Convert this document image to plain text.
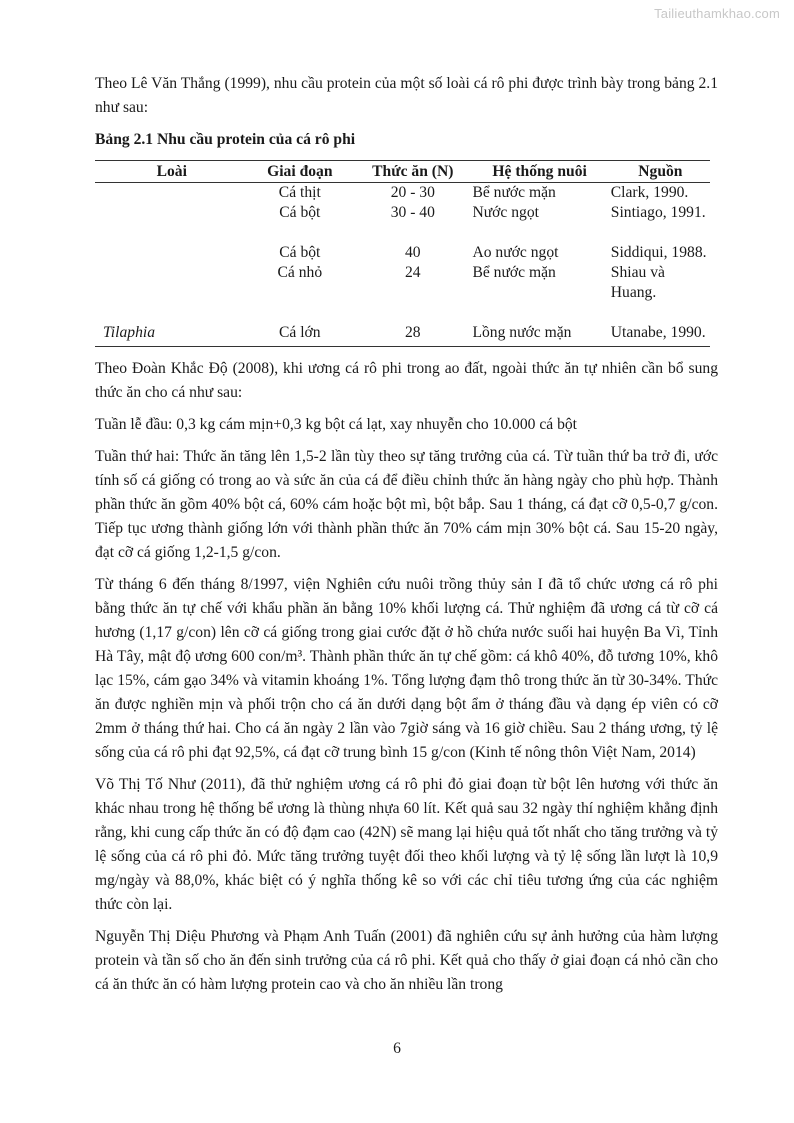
Tailieuthamkhao.com

Theo Lê Văn Thắng (1999), nhu cầu protein của một số loài cá rô phi được trình bày trong bảng 2.1 như sau:

Bảng 2.1 Nhu cầu protein của cá rô phi
Loài	Giai đoạn	Thức ăn (N)	Hệ thống nuôi	Nguồn
	Cá thịt	20 - 30	Bể nước mặn	Clark, 1990.
	Cá bột	30 - 40	Nước ngọt	Sintiago, 1991.

	Cá bột	40	Ao nước ngọt	Siddiqui, 1988.
	Cá nhỏ	24	Bể nước mặn	Shiau và Huang.

Tilaphia	Cá lớn	28	Lồng nước mặn	Utanabe, 1990.

Theo Đoàn Khắc Độ (2008), khi ương cá rô phi trong ao đất, ngoài thức ăn tự nhiên cần bổ sung thức ăn cho cá như sau:

Tuần lễ đầu: 0,3 kg cám mịn+0,3 kg bột cá lạt, xay nhuyễn cho 10.000 cá bột

Tuần thứ hai: Thức ăn tăng lên 1,5-2 lần tùy theo sự tăng trưởng của cá. Từ tuần thứ ba trở đi, ước tính số cá giống có trong ao và sức ăn của cá để điều chỉnh thức ăn hàng ngày cho phù hợp. Thành phần thức ăn gồm 40% bột cá, 60% cám hoặc bột mì, bột bắp. Sau 1 tháng, cá đạt cỡ 0,5-0,7 g/con. Tiếp tục ương thành giống lớn với thành phần thức ăn 70% cám mịn 30% bột cá. Sau 15-20 ngày, đạt cỡ cá giống 1,2-1,5 g/con.

Từ tháng 6 đến tháng 8/1997, viện Nghiên cứu nuôi trồng thủy sản I đã tổ chức ương cá rô phi bằng thức ăn tự chế với khẩu phần ăn bằng 10% khối lượng cá. Thử nghiệm đã ương cá từ cỡ cá hương (1,17 g/con) lên cỡ cá giống trong giai cước đặt ở hồ chứa nước suối hai huyện Ba Vì, Tỉnh Hà Tây, mật độ ương 600 con/m³. Thành phần thức ăn tự chế gồm: cá khô 40%, đỗ tương 10%, khô lạc 15%, cám gạo 34% và vitamin khoáng 1%. Tổng lượng đạm thô trong thức ăn từ 30-34%. Thức ăn được nghiền mịn và phối trộn cho cá ăn dưới dạng bột ẩm ở tháng đầu và dạng ép viên có cỡ 2mm ở tháng thứ hai. Cho cá ăn ngày 2 lần vào 7giờ sáng và 16 giờ chiều. Sau 2 tháng ương, tỷ lệ sống của cá rô phi đạt 92,5%, cá đạt cỡ trung bình 15 g/con (Kinh tế nông thôn Việt Nam, 2014)

Võ Thị Tố Như (2011), đã thử nghiệm ương cá rô phi đỏ giai đoạn từ bột lên hương với thức ăn khác nhau trong hệ thống bể ương là thùng nhựa 60 lít. Kết quả sau 32 ngày thí nghiệm khẳng định rằng, khi cung cấp thức ăn có độ đạm cao (42N) sẽ mang lại hiệu quả tốt nhất cho tăng trưởng và tỷ lệ sống của cá rô phi đỏ. Mức tăng trưởng tuyệt đối theo khối lượng và tỷ lệ sống lần lượt là 10,9 mg/ngày và 88,0%, khác biệt có ý nghĩa thống kê so với các chỉ tiêu tương ứng của các nghiệm thức còn lại.

Nguyễn Thị Diệu Phương và Phạm Anh Tuấn (2001) đã nghiên cứu sự ảnh hưởng của hàm lượng protein và tần số cho ăn đến sinh trưởng của cá rô phi. Kết quả cho thấy ở giai đoạn cá nhỏ cần cho cá ăn thức ăn có hàm lượng protein cao và cho ăn nhiều lần trong

6
